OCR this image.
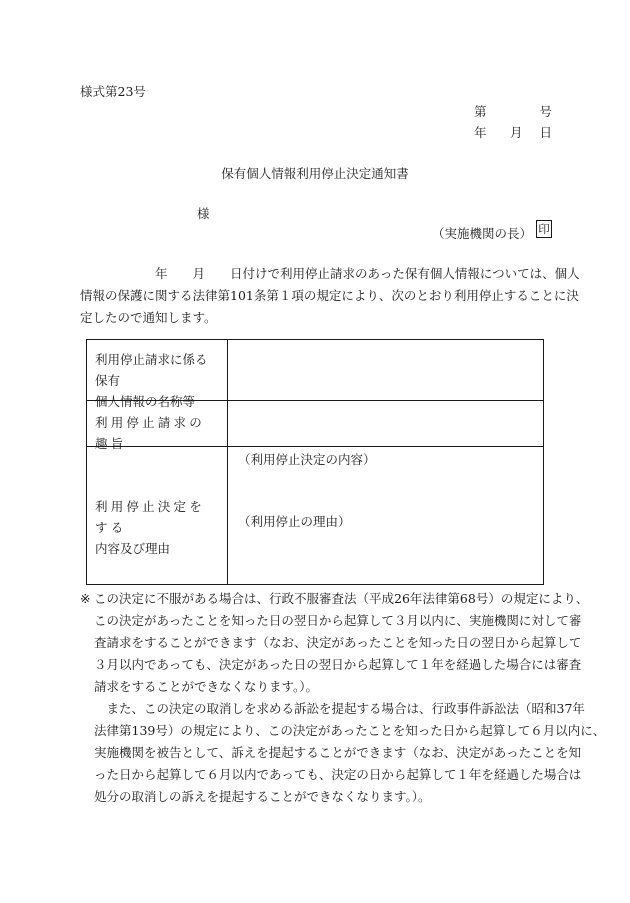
様式第23号
第	号
年 月 日
保有個人情報利用停止決定通知書
様
（実施機関の長） 印
　　　　　　年　　月　　日付けで利用停止請求のあった保有個人情報については、個人
情報の保護に関する法律第101条第１項の規定により、次のとおり利用停止することに決
定したので通知します。
利用停止請求に係る保有
個人情報の名称等
利用停止請求の趣旨
利用停止決定をする
内容及び理由
（利用停止決定の内容）
（利用停止の理由）
※ この決定に不服がある場合は、行政不服審査法（平成26年法律第68号）の規定により、
この決定があったことを知った日の翌日から起算して３月以内に、実施機関に対して審
査請求をすることができます（なお、決定があったことを知った日の翌日から起算して
３月以内であっても、決定があった日の翌日から起算して１年を経過した場合には審査
請求をすることができなくなります。）。
　また、この決定の取消しを求める訴訟を提起する場合は、行政事件訴訟法（昭和37年
法律第139号）の規定により、この決定があったことを知った日から起算して６月以内に、
実施機関を被告として、訴えを提起することができます（なお、決定があったことを知
った日から起算して６月以内であっても、決定の日から起算して１年を経過した場合は
処分の取消しの訴えを提起することができなくなります。）。
